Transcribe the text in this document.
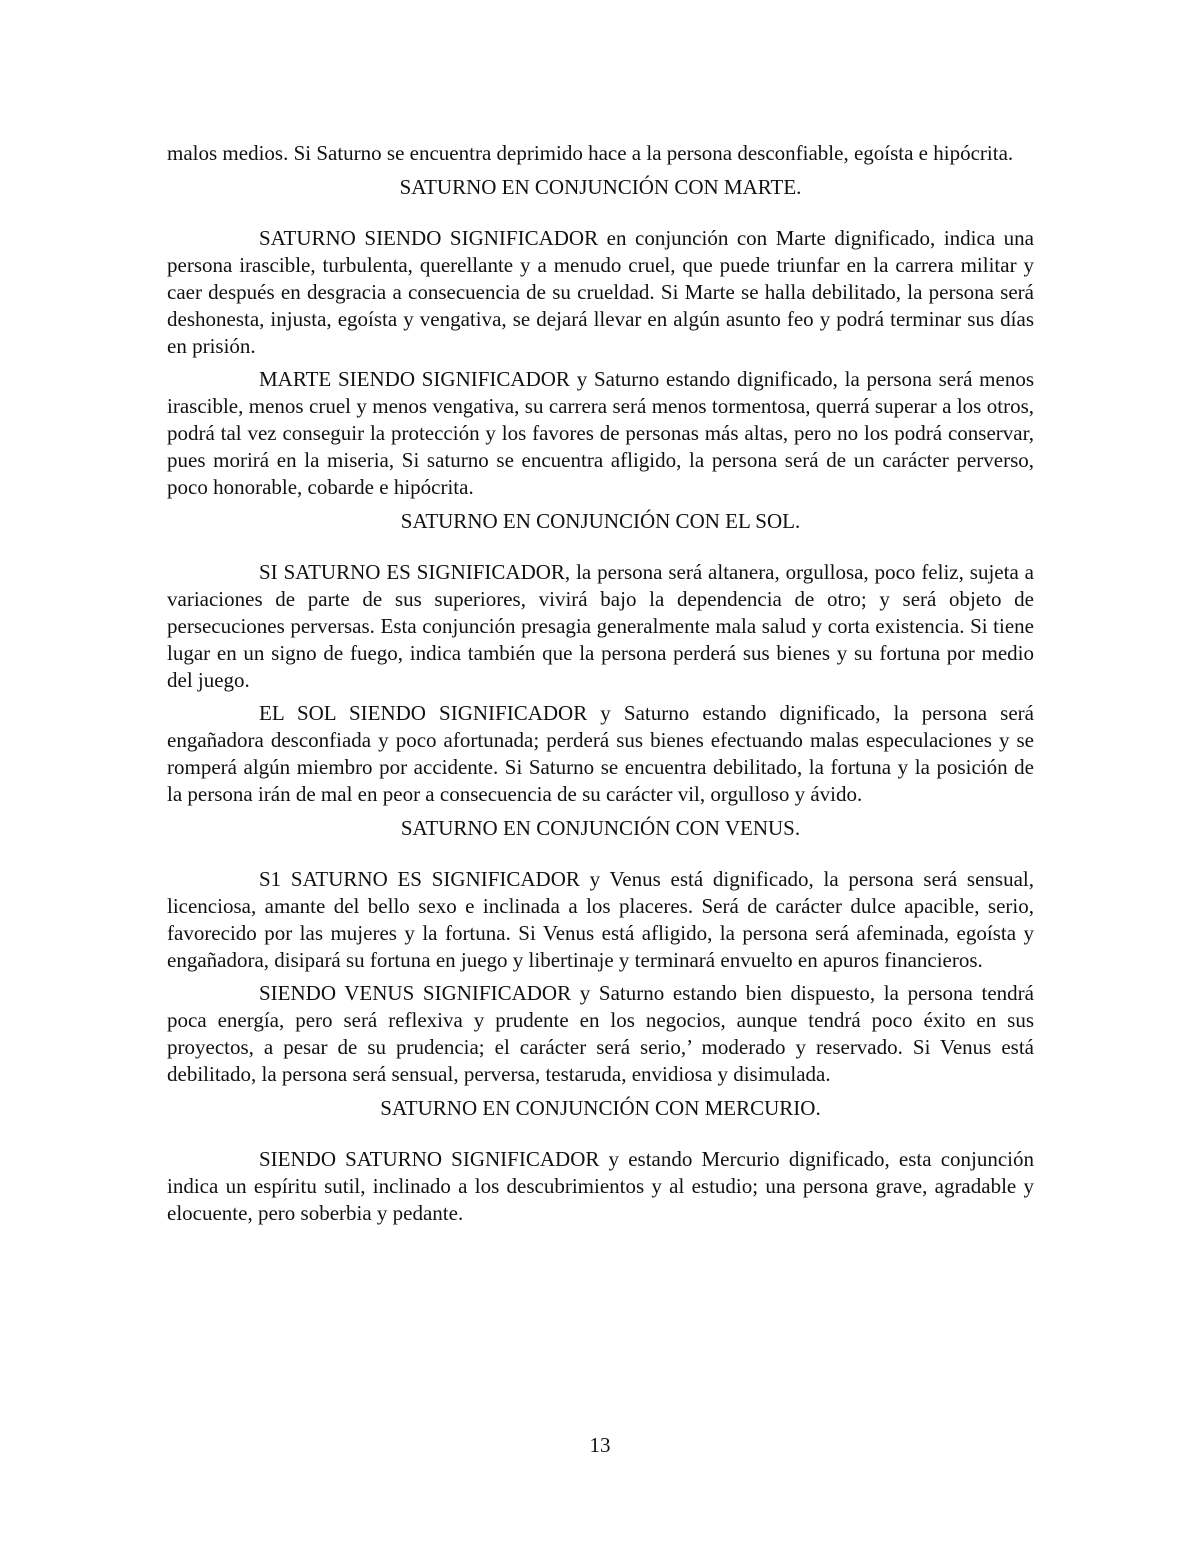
malos medios. Si Saturno se encuentra deprimido hace a la persona desconfiable, egoísta e hipócrita.

SATURNO EN CONJUNCIÓN CON MARTE.

SATURNO SIENDO SIGNIFICADOR en conjunción con Marte dignificado, indica una persona irascible, turbulenta, querellante y a menudo cruel, que puede triunfar en la carrera militar y caer después en desgracia a consecuencia de su crueldad. Si Marte se halla debilitado, la persona será deshonesta, injusta, egoísta y vengativa, se dejará llevar en algún asunto feo y podrá terminar sus días en prisión.

MARTE SIENDO SIGNIFICADOR y Saturno estando dignificado, la persona será menos irascible, menos cruel y menos vengativa, su carrera será menos tormentosa, querrá superar a los otros, podrá tal vez conseguir la protección y los favores de personas más altas, pero no los podrá conservar, pues morirá en la miseria, Si saturno se encuentra afligido, la persona será de un carácter perverso, poco honorable, cobarde e hipócrita.

SATURNO EN CONJUNCIÓN CON EL SOL.

SI SATURNO ES SIGNIFICADOR, la persona será altanera, orgullosa, poco feliz, sujeta a variaciones de parte de sus superiores, vivirá bajo la dependencia de otro; y será objeto de persecuciones perversas. Esta conjunción presagia generalmente mala salud y corta existencia. Si tiene lugar en un signo de fuego, indica también que la persona perderá sus bienes y su fortuna por medio del juego.

EL SOL SIENDO SIGNIFICADOR y Saturno estando dignificado, la persona será engañadora desconfiada y poco afortunada; perderá sus bienes efectuando malas especulaciones y se romperá algún miembro por accidente. Si Saturno se encuentra debilitado, la fortuna y la posición de la persona irán de mal en peor a consecuencia de su carácter vil, orgulloso y ávido.

SATURNO EN CONJUNCIÓN CON VENUS.

S1 SATURNO ES SIGNIFICADOR y Venus está dignificado, la persona será sensual, licenciosa, amante del bello sexo e inclinada a los placeres. Será de carácter dulce apacible, serio, favorecido por las mujeres y la fortuna. Si Venus está afligido, la persona será afeminada, egoísta y engañadora, disipará su fortuna en juego y libertinaje y terminará envuelto en apuros financieros.

SIENDO VENUS SIGNIFICADOR y Saturno estando bien dispuesto, la persona tendrá poca energía, pero será reflexiva y prudente en los negocios, aunque tendrá poco éxito en sus proyectos, a pesar de su prudencia; el carácter será serio,’ moderado y reservado. Si Venus está debilitado, la persona será sensual, perversa, testaruda, envidiosa y disimulada.

SATURNO EN CONJUNCIÓN CON MERCURIO.

SIENDO SATURNO SIGNIFICADOR y estando Mercurio dignificado, esta conjunción indica un espíritu sutil, inclinado a los descubrimientos y al estudio; una persona grave, agradable y elocuente, pero soberbia y pedante.

13
